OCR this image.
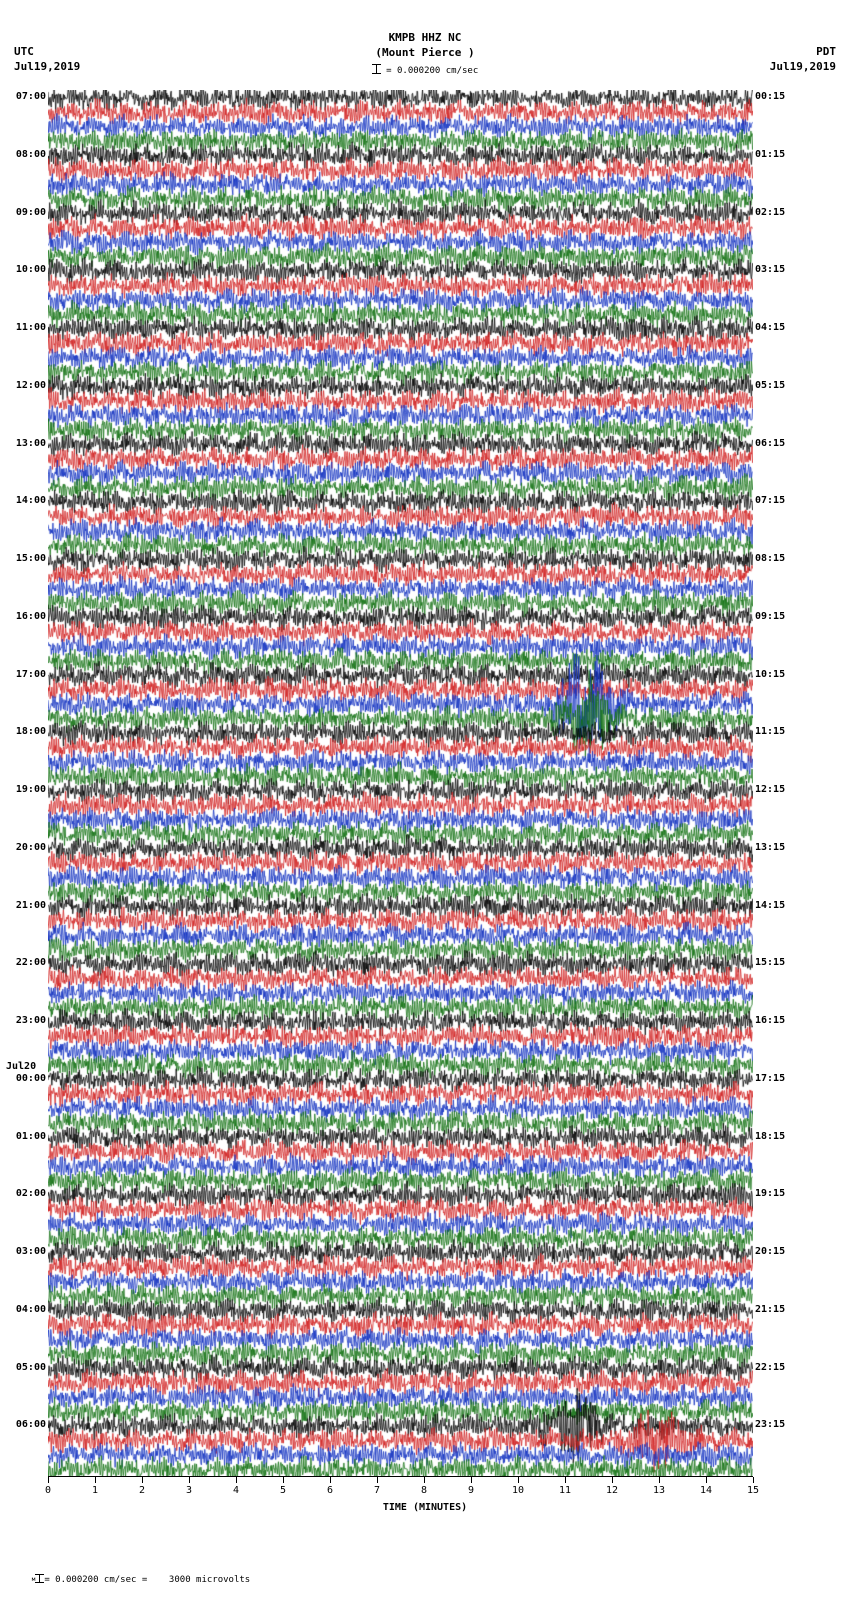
KMPB HHZ NC
(Mount Pierce )
= 0.000200 cm/sec
UTC
Jul19,2019
PDT
Jul19,2019
07:00	00:15
08:00	01:15
09:00	02:15
10:00	03:15
11:00	04:15
12:00	05:15
13:00	06:15
14:00	07:15
15:00	08:15
16:00	09:15
17:00	10:15
18:00	11:15
19:00	12:15
20:00	13:15
21:00	14:15
22:00	15:15
23:00	16:15
00:00	17:15
01:00	18:15
02:00	19:15
03:00	20:15
04:00	21:15
05:00	22:15
06:00	23:15
Jul20
0	1	2	3	4	5	6	7	8	9	10	11	12	13	14	15
TIME (MINUTES)

м = 0.000200 cm/sec =    3000 microvolts
